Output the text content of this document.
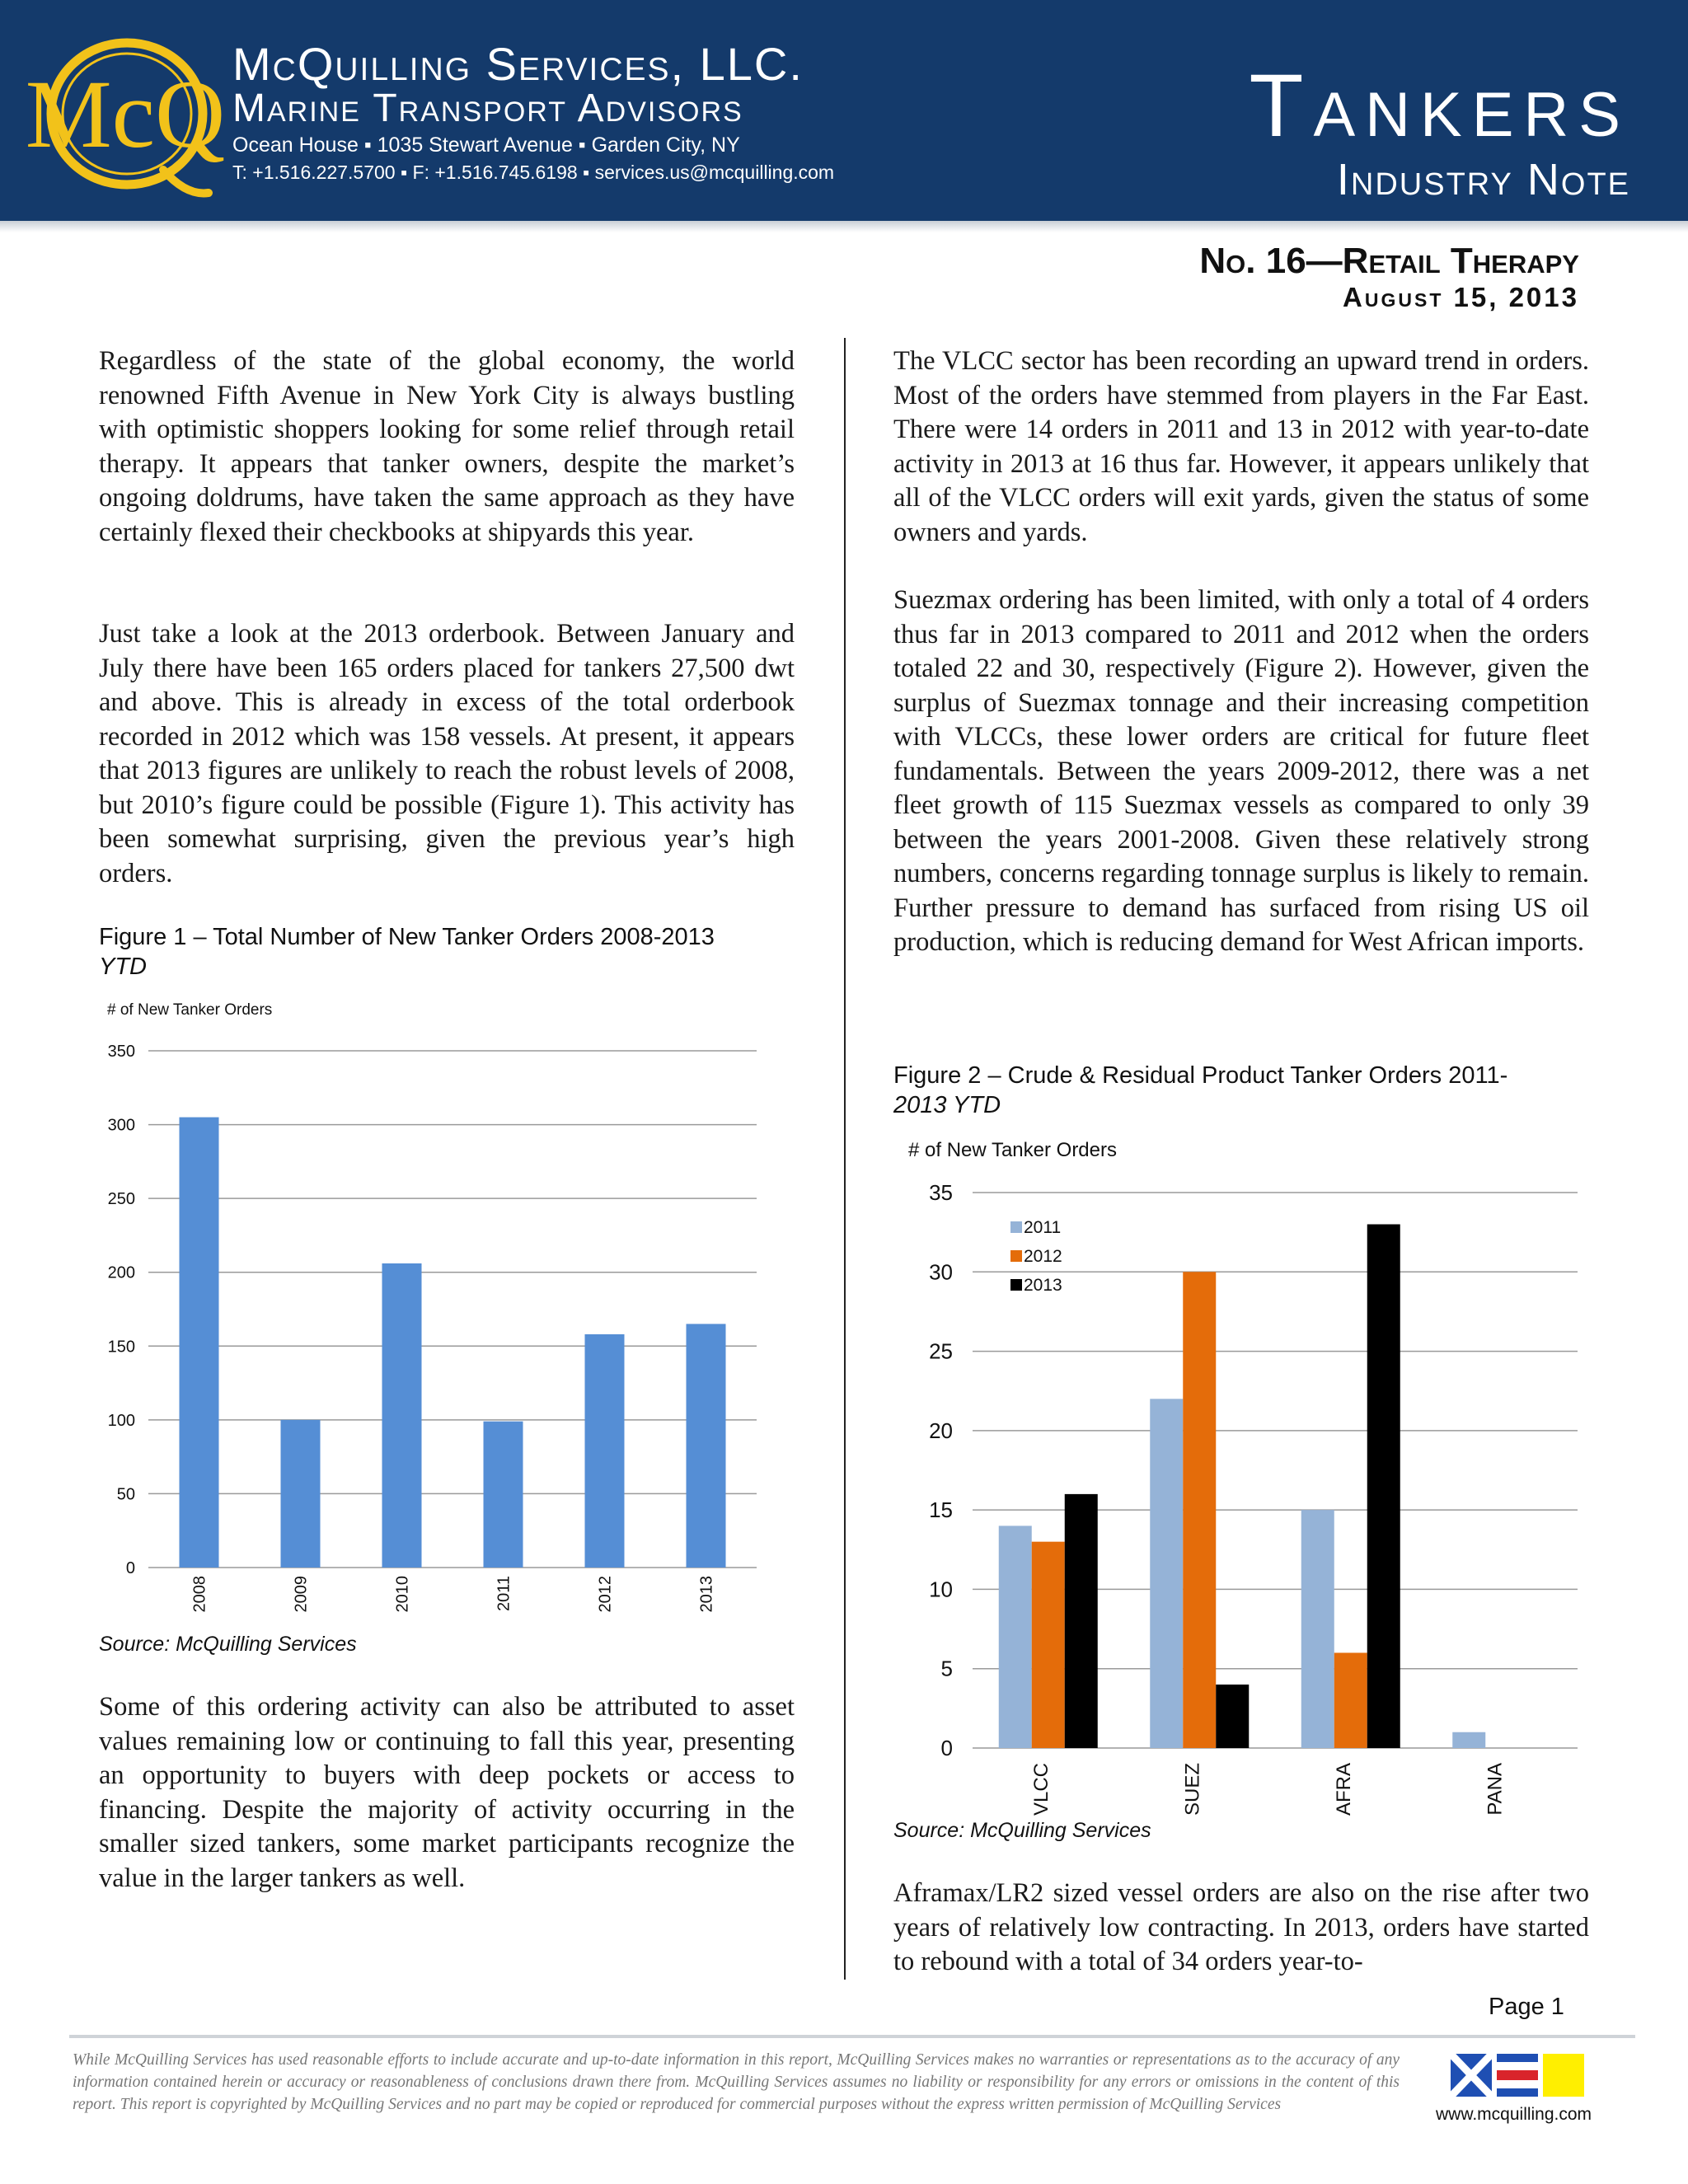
McQ McQuilling Services, LLC.
Marine Transport Advisors
Ocean House ▪ 1035 Stewart Avenue ▪ Garden City, NY
T: +1.516.227.5700 ▪ F: +1.516.745.6198 ▪ services.us@mcquilling.com
Tankers
Industry Note
No. 16—Retail Therapy
August 15, 2013

Regardless of the state of the global economy, the world renowned Fifth Avenue in New York City is always bustling with optimistic shoppers looking for some relief through retail therapy. It appears that tanker owners, despite the market’s ongoing doldrums, have taken the same approach as they have certainly flexed their checkbooks at shipyards this year.

Just take a look at the 2013 orderbook. Between January and July there have been 165 orders placed for tankers 27,500 dwt and above. This is already in excess of the total orderbook recorded in 2012 which was 158 vessels. At present, it appears that 2013 figures are unlikely to reach the robust levels of 2008, but 2010’s figure could be possible (Figure 1). This activity has been somewhat surprising, given the previous year’s high orders.

Figure 1 – Total Number of New Tanker Orders 2008-2013
YTD

# of New Tanker Orders
0
50
100
150
200
250
300
350
2008	2009	2010	2011	2012	2013
Source: McQuilling Services

Some of this ordering activity can also be attributed to asset values remaining low or continuing to fall this year, presenting an opportunity to buyers with deep pockets or access to financing. Despite the majority of activity occurring in the smaller sized tankers, some market participants recognize the value in the larger tankers as well.

The VLCC sector has been recording an upward trend in orders. Most of the orders have stemmed from players in the Far East. There were 14 orders in 2011 and 13 in 2012 with year-to-date activity in 2013 at 16 thus far. However, it appears unlikely that all of the VLCC orders will exit yards, given the status of some owners and yards.

Suezmax ordering has been limited, with only a total of 4 orders thus far in 2013 compared to 2011 and 2012 when the orders totaled 22 and 30, respectively (Figure 2). However, given the surplus of Suezmax tonnage and their increasing competition with VLCCs, these lower orders are critical for future fleet fundamentals. Between the years 2009-2012, there was a net fleet growth of 115 Suezmax vessels as compared to only 39 between the years 2001-2008. Given these relatively strong numbers, concerns regarding tonnage surplus is likely to remain. Further pressure to demand has surfaced from rising US oil production, which is reducing demand for West African imports.

Figure 2 – Crude & Residual Product Tanker Orders 2011-
2013 YTD

# of New Tanker Orders
0
5
10
15
20
25
30
35
VLCC	SUEZ	AFRA	PANA
2011
2012
2013
Source: McQuilling Services

Aframax/LR2 sized vessel orders are also on the rise after two years of relatively low contracting. In 2013, orders have started to rebound with a total of 34 orders year-to-

Page 1

While McQuilling Services has used reasonable efforts to include accurate and up-to-date information in this report, McQuilling Services makes no warranties or representations as to the accuracy of any information contained herein or accuracy or reasonableness of conclusions drawn there from. McQuilling Services assumes no liability or responsibility for any errors or omissions in the content of this report. This report is copyrighted by McQuilling Services and no part may be copied or reproduced for commercial purposes without the express written permission of McQuilling Services

www.mcquilling.com
